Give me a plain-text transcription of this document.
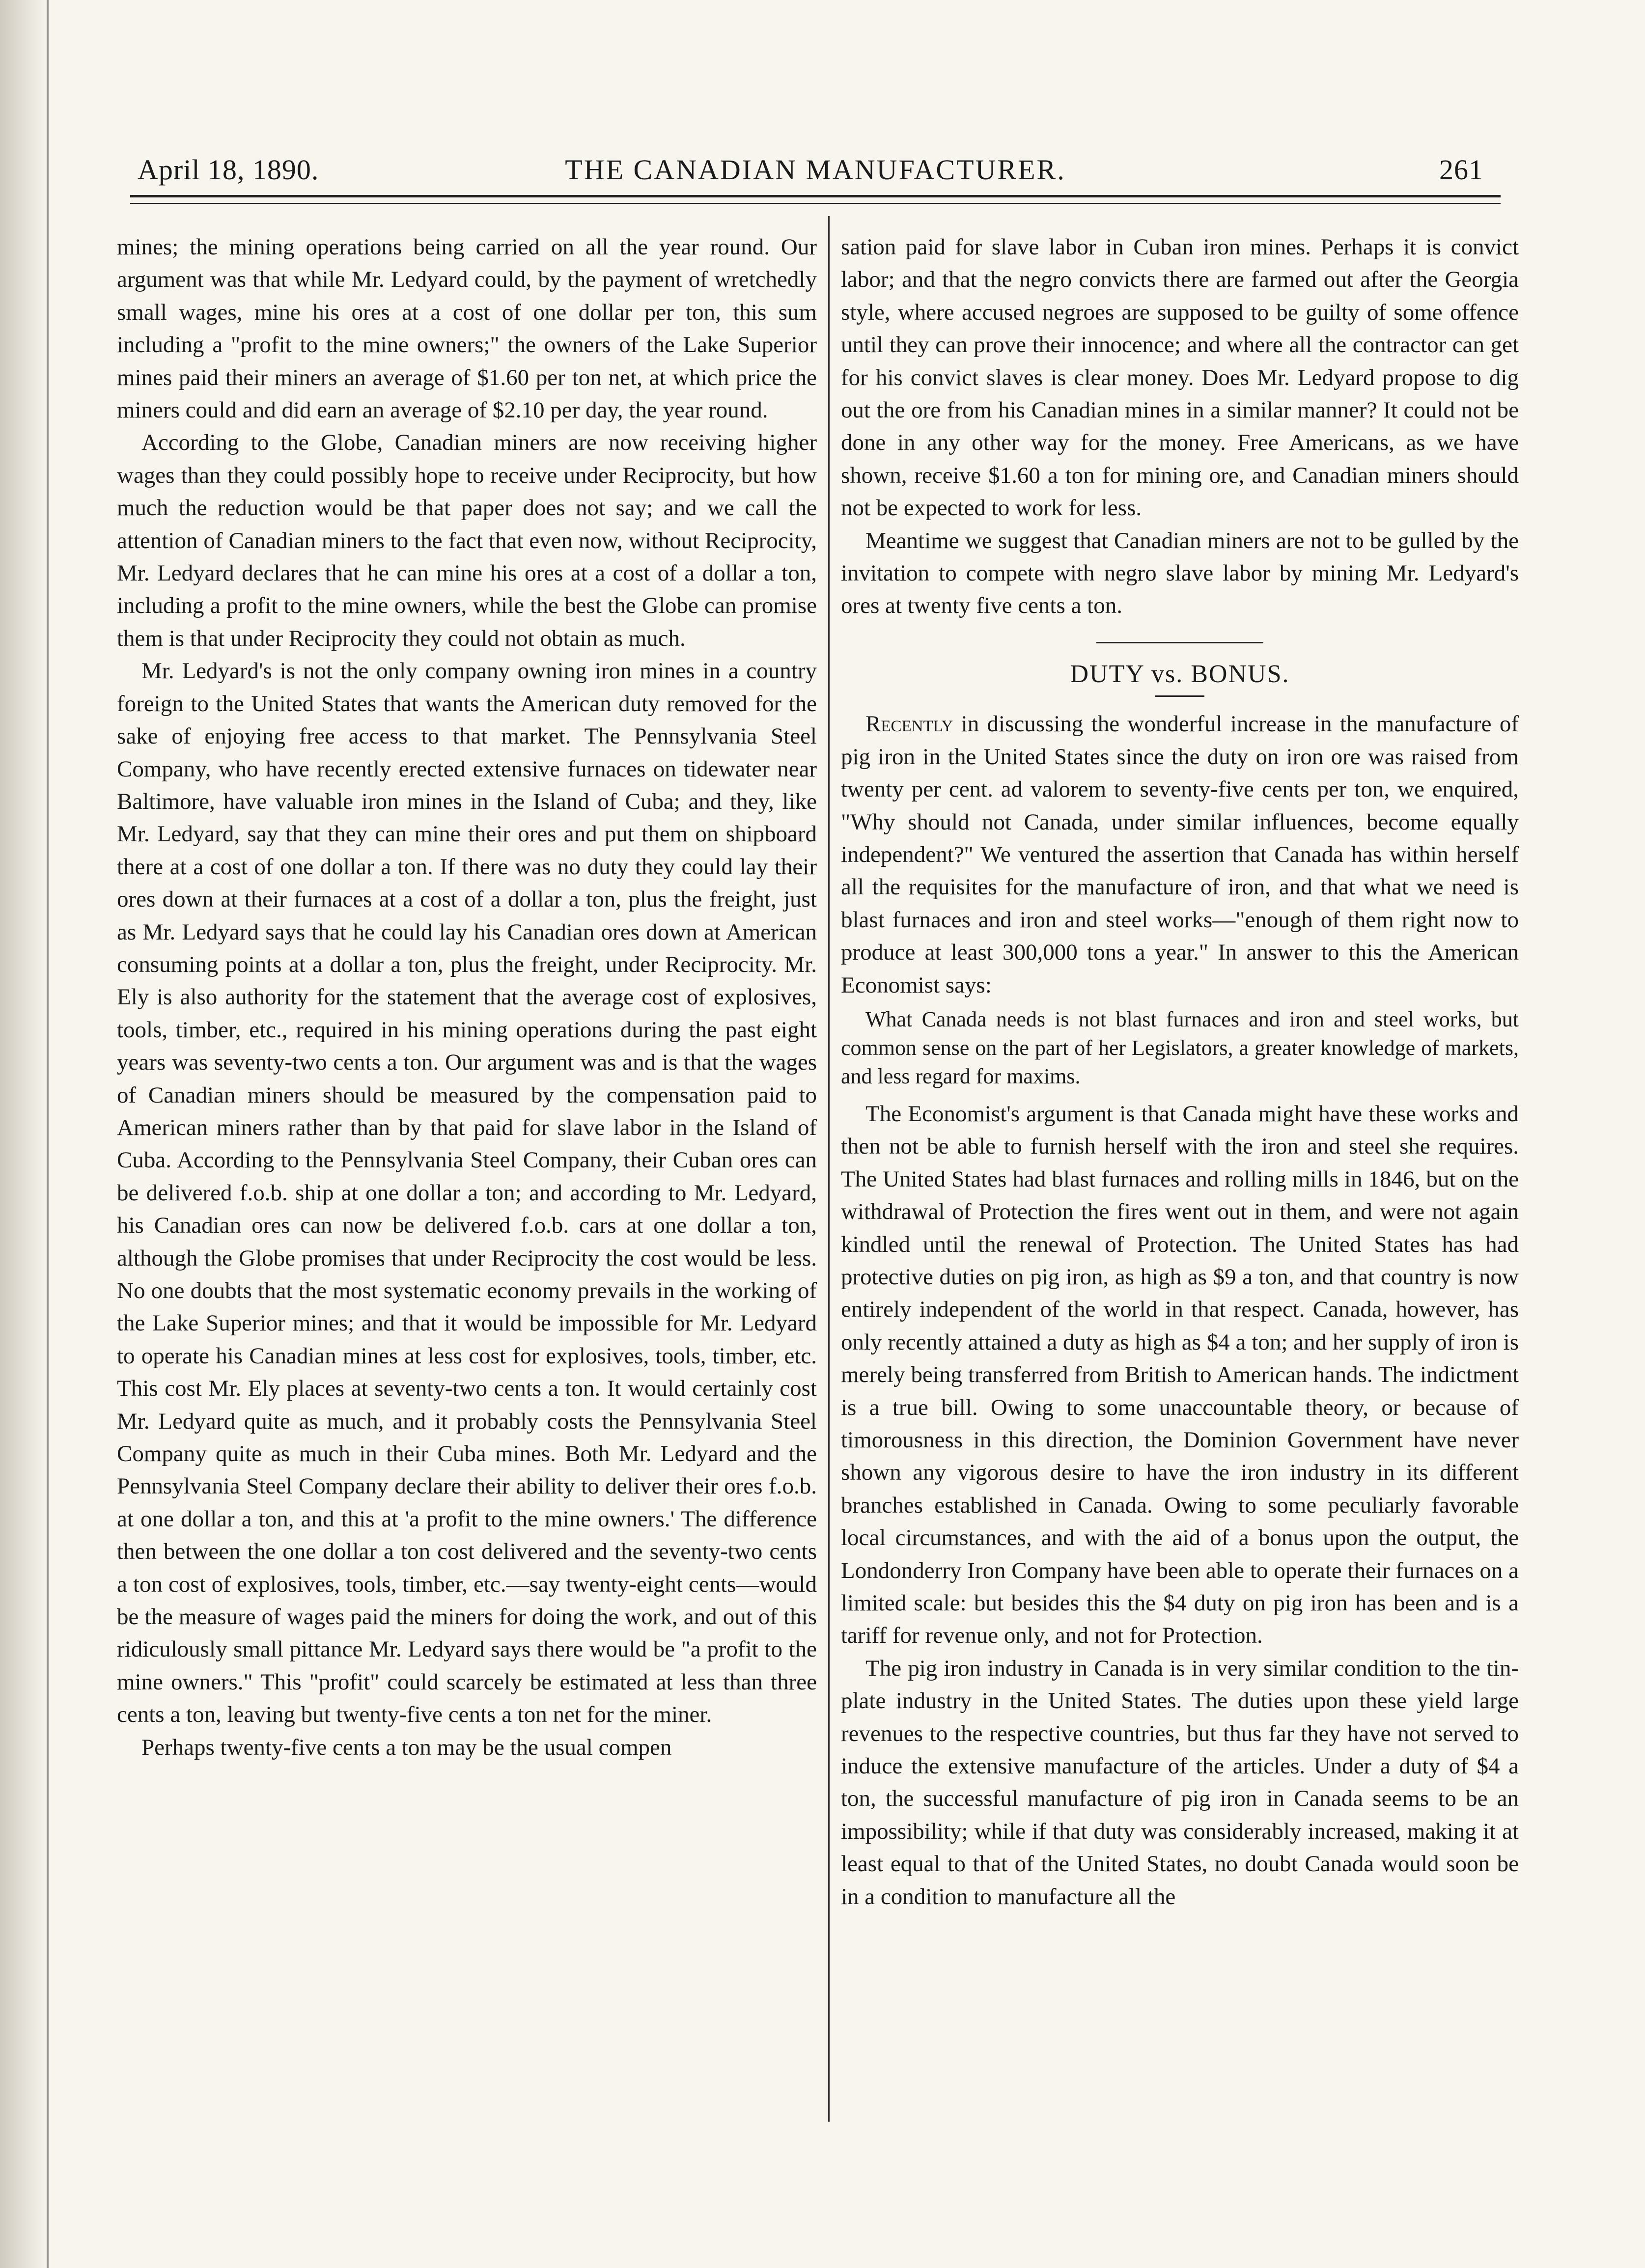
April 18, 1890.	THE CANADIAN MANUFACTURER.	261

mines; the mining operations being carried on all the year round. Our argument was that while Mr. Ledyard could, by the payment of wretchedly small wages, mine his ores at a cost of one dollar per ton, this sum including a "profit to the mine owners;" the owners of the Lake Superior mines paid their miners an average of $1.60 per ton net, at which price the miners could and did earn an average of $2.10 per day, the year round.

According to the Globe, Canadian miners are now receiving higher wages than they could possibly hope to receive under Reciprocity, but how much the reduction would be that paper does not say; and we call the attention of Canadian miners to the fact that even now, without Reciprocity, Mr. Ledyard declares that he can mine his ores at a cost of a dollar a ton, including a profit to the mine owners, while the best the Globe can promise them is that under Reciprocity they could not obtain as much.

Mr. Ledyard's is not the only company owning iron mines in a country foreign to the United States that wants the American duty removed for the sake of enjoying free access to that market. The Pennsylvania Steel Company, who have recently erected extensive furnaces on tidewater near Baltimore, have valuable iron mines in the Island of Cuba; and they, like Mr. Ledyard, say that they can mine their ores and put them on shipboard there at a cost of one dollar a ton. If there was no duty they could lay their ores down at their furnaces at a cost of a dollar a ton, plus the freight, just as Mr. Ledyard says that he could lay his Canadian ores down at American consuming points at a dollar a ton, plus the freight, under Reciprocity. Mr. Ely is also authority for the statement that the average cost of explosives, tools, timber, etc., required in his mining operations during the past eight years was seventy-two cents a ton. Our argument was and is that the wages of Canadian miners should be measured by the compensation paid to American miners rather than by that paid for slave labor in the Island of Cuba. According to the Pennsylvania Steel Company, their Cuban ores can be delivered f.o.b. ship at one dollar a ton; and according to Mr. Ledyard, his Canadian ores can now be delivered f.o.b. cars at one dollar a ton, although the Globe promises that under Reciprocity the cost would be less. No one doubts that the most systematic economy prevails in the working of the Lake Superior mines; and that it would be impossible for Mr. Ledyard to operate his Canadian mines at less cost for explosives, tools, timber, etc. This cost Mr. Ely places at seventy-two cents a ton. It would certainly cost Mr. Ledyard quite as much, and it probably costs the Pennsylvania Steel Company quite as much in their Cuba mines. Both Mr. Ledyard and the Pennsylvania Steel Company declare their ability to deliver their ores f.o.b. at one dollar a ton, and this at 'a profit to the mine owners.' The difference then between the one dollar a ton cost delivered and the seventy-two cents a ton cost of explosives, tools, timber, etc.—say twenty-eight cents—would be the measure of wages paid the miners for doing the work, and out of this ridiculously small pittance Mr. Ledyard says there would be "a profit to the mine owners." This "profit" could scarcely be estimated at less than three cents a ton, leaving but twenty-five cents a ton net for the miner.

Perhaps twenty-five cents a ton may be the usual compen

sation paid for slave labor in Cuban iron mines. Perhaps it is convict labor; and that the negro convicts there are farmed out after the Georgia style, where accused negroes are supposed to be guilty of some offence until they can prove their innocence; and where all the contractor can get for his convict slaves is clear money. Does Mr. Ledyard propose to dig out the ore from his Canadian mines in a similar manner? It could not be done in any other way for the money. Free Americans, as we have shown, receive $1.60 a ton for mining ore, and Canadian miners should not be expected to work for less.

Meantime we suggest that Canadian miners are not to be gulled by the invitation to compete with negro slave labor by mining Mr. Ledyard's ores at twenty five cents a ton.

DUTY vs. BONUS.

Recently in discussing the wonderful increase in the manufacture of pig iron in the United States since the duty on iron ore was raised from twenty per cent. ad valorem to seventy-five cents per ton, we enquired, "Why should not Canada, under similar influences, become equally independent?" We ventured the assertion that Canada has within herself all the requisites for the manufacture of iron, and that what we need is blast furnaces and iron and steel works—"enough of them right now to produce at least 300,000 tons a year." In answer to this the American Economist says:

What Canada needs is not blast furnaces and iron and steel works, but common sense on the part of her Legislators, a greater knowledge of markets, and less regard for maxims.

The Economist's argument is that Canada might have these works and then not be able to furnish herself with the iron and steel she requires. The United States had blast furnaces and rolling mills in 1846, but on the withdrawal of Protection the fires went out in them, and were not again kindled until the renewal of Protection. The United States has had protective duties on pig iron, as high as $9 a ton, and that country is now entirely independent of the world in that respect. Canada, however, has only recently attained a duty as high as $4 a ton; and her supply of iron is merely being transferred from British to American hands. The indictment is a true bill. Owing to some unaccountable theory, or because of timorousness in this direction, the Dominion Government have never shown any vigorous desire to have the iron industry in its different branches established in Canada. Owing to some peculiarly favorable local circumstances, and with the aid of a bonus upon the output, the Londonderry Iron Company have been able to operate their furnaces on a limited scale: but besides this the $4 duty on pig iron has been and is a tariff for revenue only, and not for Protection.

The pig iron industry in Canada is in very similar condition to the tin-plate industry in the United States. The duties upon these yield large revenues to the respective countries, but thus far they have not served to induce the extensive manufacture of the articles. Under a duty of $4 a ton, the successful manufacture of pig iron in Canada seems to be an impossibility; while if that duty was considerably increased, making it at least equal to that of the United States, no doubt Canada would soon be in a condition to manufacture all the
